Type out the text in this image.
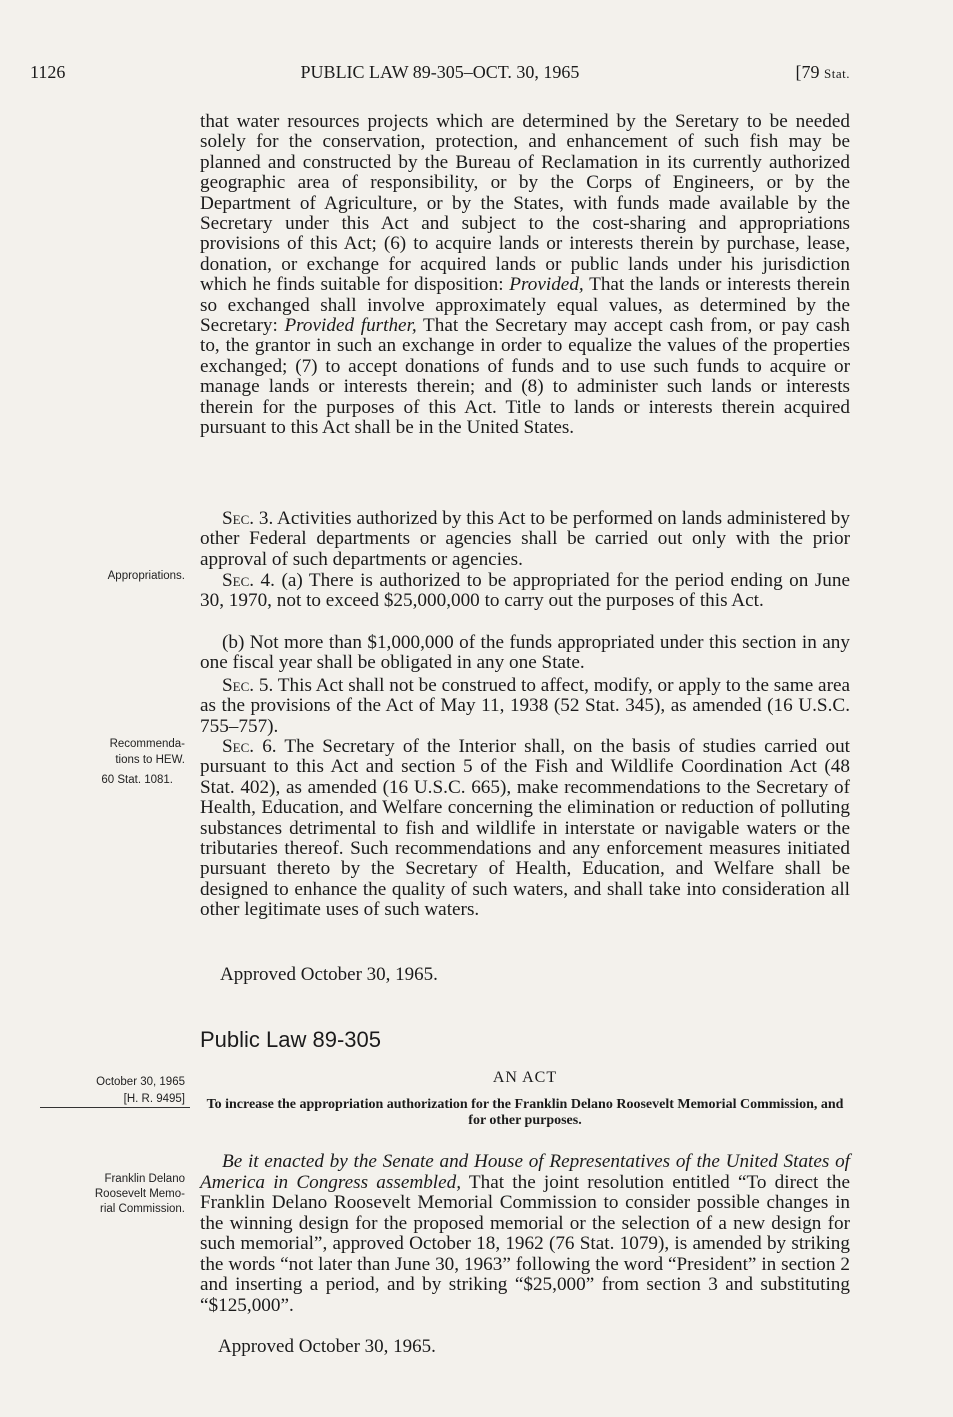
1126	PUBLIC LAW 89-305–OCT. 30, 1965	[79 Stat.

that water resources projects which are determined by the Seretary to be needed solely for the conservation, protection, and enhancement of such fish may be planned and constructed by the Bureau of Reclamation in its currently authorized geographic area of responsibility, or by the Corps of Engineers, or by the Department of Agriculture, or by the States, with funds made available by the Secretary under this Act and subject to the cost-sharing and appropriations provisions of this Act; (6) to acquire lands or interests therein by purchase, lease, donation, or exchange for acquired lands or public lands under his jurisdiction which he finds suitable for disposition: Provided, That the lands or interests therein so exchanged shall involve approximately equal values, as determined by the Secretary: Provided further, That the Secretary may accept cash from, or pay cash to, the grantor in such an exchange in order to equalize the values of the properties exchanged; (7) to accept donations of funds and to use such funds to acquire or manage lands or interests therein; and (8) to administer such lands or interests therein for the purposes of this Act. Title to lands or interests therein acquired pursuant to this Act shall be in the United States.

Sec. 3. Activities authorized by this Act to be performed on lands administered by other Federal departments or agencies shall be carried out only with the prior approval of such departments or agencies.

Sec. 4. (a) There is authorized to be appropriated for the period ending on June 30, 1970, not to exceed $25,000,000 to carry out the purposes of this Act.

(b) Not more than $1,000,000 of the funds appropriated under this section in any one fiscal year shall be obligated in any one State.

Sec. 5. This Act shall not be construed to affect, modify, or apply to the same area as the provisions of the Act of May 11, 1938 (52 Stat. 345), as amended (16 U.S.C. 755–757).

Sec. 6. The Secretary of the Interior shall, on the basis of studies carried out pursuant to this Act and section 5 of the Fish and Wildlife Coordination Act (48 Stat. 402), as amended (16 U.S.C. 665), make recommendations to the Secretary of Health, Education, and Welfare concerning the elimination or reduction of polluting substances detrimental to fish and wildlife in interstate or navigable waters or the tributaries thereof. Such recommendations and any enforcement measures initiated pursuant thereto by the Secretary of Health, Education, and Welfare shall be designed to enhance the quality of such waters, and shall take into consideration all other legitimate uses of such waters.

Approved October 30, 1965.
Appropriations.
Recommenda-
tions to HEW.
60 Stat. 1081.
Public Law 89-305
October 30, 1965
[H. R. 9495]
AN ACT
To increase the appropriation authorization for the Franklin Delano Roosevelt Memorial Commission, and for other purposes.
Franklin Delano
Roosevelt Memo-
rial Commission.

Be it enacted by the Senate and House of Representatives of the United States of America in Congress assembled, That the joint resolution entitled “To direct the Franklin Delano Roosevelt Memorial Commission to consider possible changes in the winning design for the proposed memorial or the selection of a new design for such memorial”, approved October 18, 1962 (76 Stat. 1079), is amended by striking the words “not later than June 30, 1963” following the word “President” in section 2 and inserting a period, and by striking “$25,000” from section 3 and substituting “$125,000”.

Approved October 30, 1965.
